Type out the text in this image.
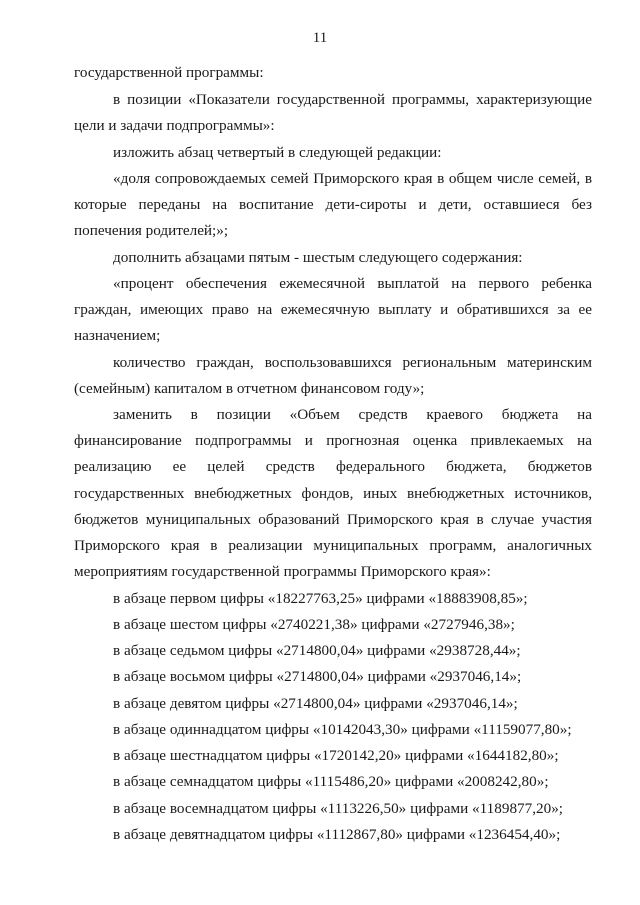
11
государственной программы:
в позиции «Показатели государственной программы, характеризующие
цели и задачи подпрограммы»:
изложить абзац четвертый в следующей редакции:
«доля сопровождаемых семей Приморского края в общем числе семей, в
которые переданы на воспитание дети-сироты и дети, оставшиеся без
попечения родителей;»;
дополнить абзацами пятым - шестым следующего содержания:
«процент обеспечения ежемесячной выплатой на первого ребенка
граждан, имеющих право на ежемесячную выплату и обратившихся за ее
назначением;
количество граждан, воспользовавшихся региональным материнским
(семейным) капиталом в отчетном финансовом году»;
заменить в позиции «Объем средств краевого бюджета на
финансирование подпрограммы и прогнозная оценка привлекаемых на
реализацию ее целей средств федерального бюджета, бюджетов
государственных внебюджетных фондов, иных внебюджетных источников,
бюджетов муниципальных образований Приморского края в случае участия
Приморского края в реализации муниципальных программ, аналогичных
мероприятиям государственной программы Приморского края»:
в абзаце первом цифры «18227763,25» цифрами «18883908,85»;
в абзаце шестом цифры «2740221,38» цифрами «2727946,38»;
в абзаце седьмом цифры «2714800,04» цифрами «2938728,44»;
в абзаце восьмом цифры «2714800,04» цифрами «2937046,14»;
в абзаце девятом цифры «2714800,04» цифрами «2937046,14»;
в абзаце одиннадцатом цифры «10142043,30» цифрами «11159077,80»;
в абзаце шестнадцатом цифры «1720142,20» цифрами «1644182,80»;
в абзаце семнадцатом цифры «1115486,20» цифрами «2008242,80»;
в абзаце восемнадцатом цифры «1113226,50» цифрами «1189877,20»;
в абзаце девятнадцатом цифры «1112867,80» цифрами «1236454,40»;
